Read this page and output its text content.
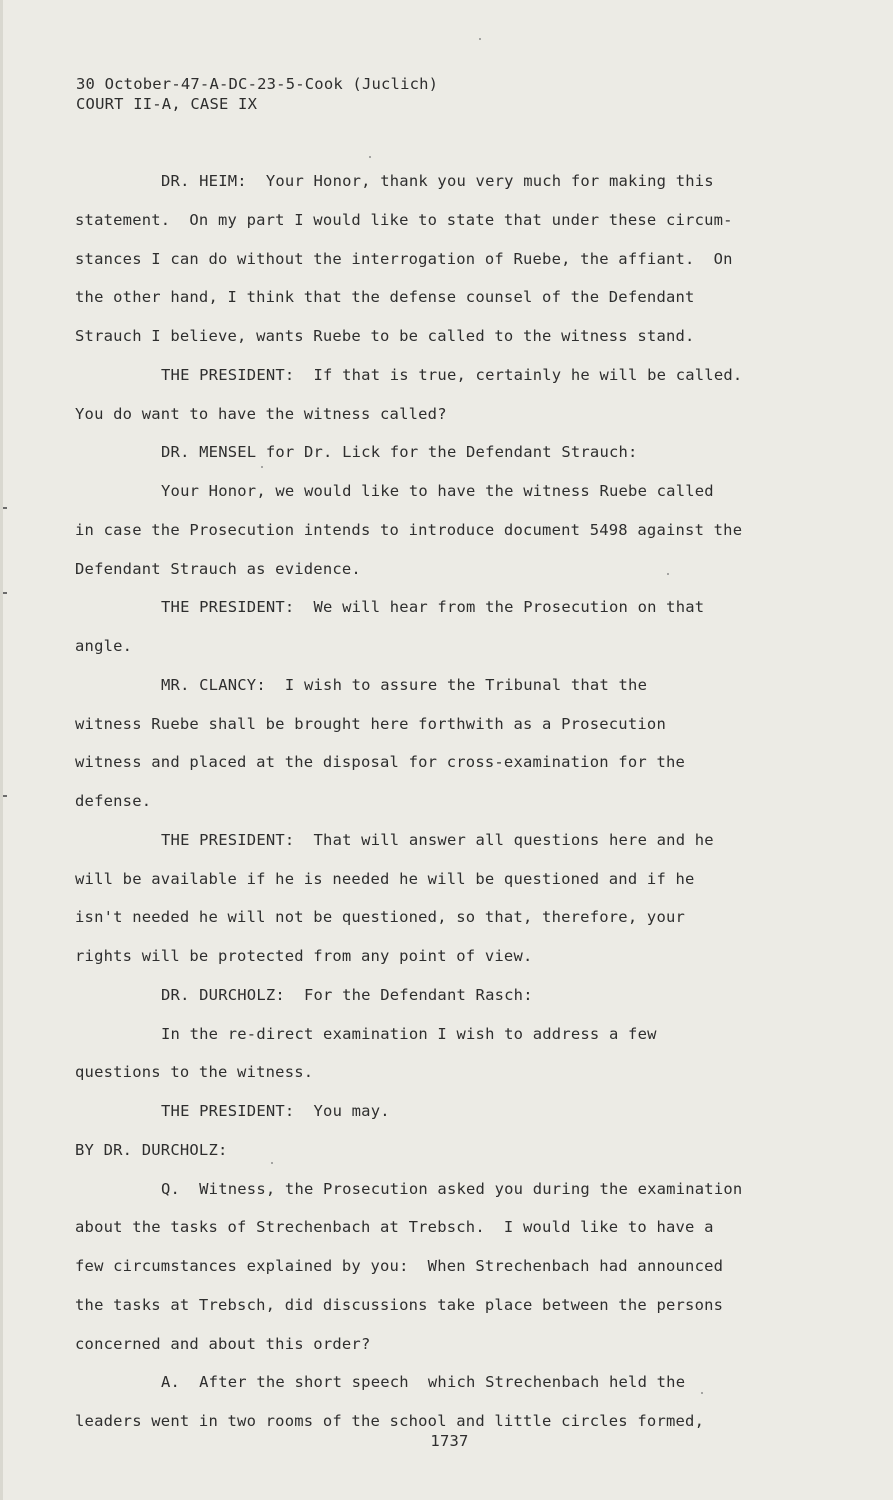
30 October-47-A-DC-23-5-Cook (Juclich)
COURT II-A, CASE IX
DR. HEIM:  Your Honor, thank you very much for making this
statement.  On my part I would like to state that under these circum-
stances I can do without the interrogation of Ruebe, the affiant.  On
the other hand, I think that the defense counsel of the Defendant
Strauch I believe, wants Ruebe to be called to the witness stand.
THE PRESIDENT:  If that is true, certainly he will be called.
You do want to have the witness called?
DR. MENSEL for Dr. Lick for the Defendant Strauch:
Your Honor, we would like to have the witness Ruebe called
in case the Prosecution intends to introduce document 5498 against the
Defendant Strauch as evidence.
THE PRESIDENT:  We will hear from the Prosecution on that
angle.
MR. CLANCY:  I wish to assure the Tribunal that the
witness Ruebe shall be brought here forthwith as a Prosecution
witness and placed at the disposal for cross-examination for the
defense.
THE PRESIDENT:  That will answer all questions here and he
will be available if he is needed he will be questioned and if he
isn't needed he will not be questioned, so that, therefore, your
rights will be protected from any point of view.
DR. DURCHOLZ:  For the Defendant Rasch:
In the re-direct examination I wish to address a few
questions to the witness.
THE PRESIDENT:  You may.
BY DR. DURCHOLZ:
Q.  Witness, the Prosecution asked you during the examination
about the tasks of Strechenbach at Trebsch.  I would like to have a
few circumstances explained by you:  When Strechenbach had announced
the tasks at Trebsch, did discussions take place between the persons
concerned and about this order?
A.  After the short speech  which Strechenbach held the
leaders went in two rooms of the school and little circles formed,
1737
